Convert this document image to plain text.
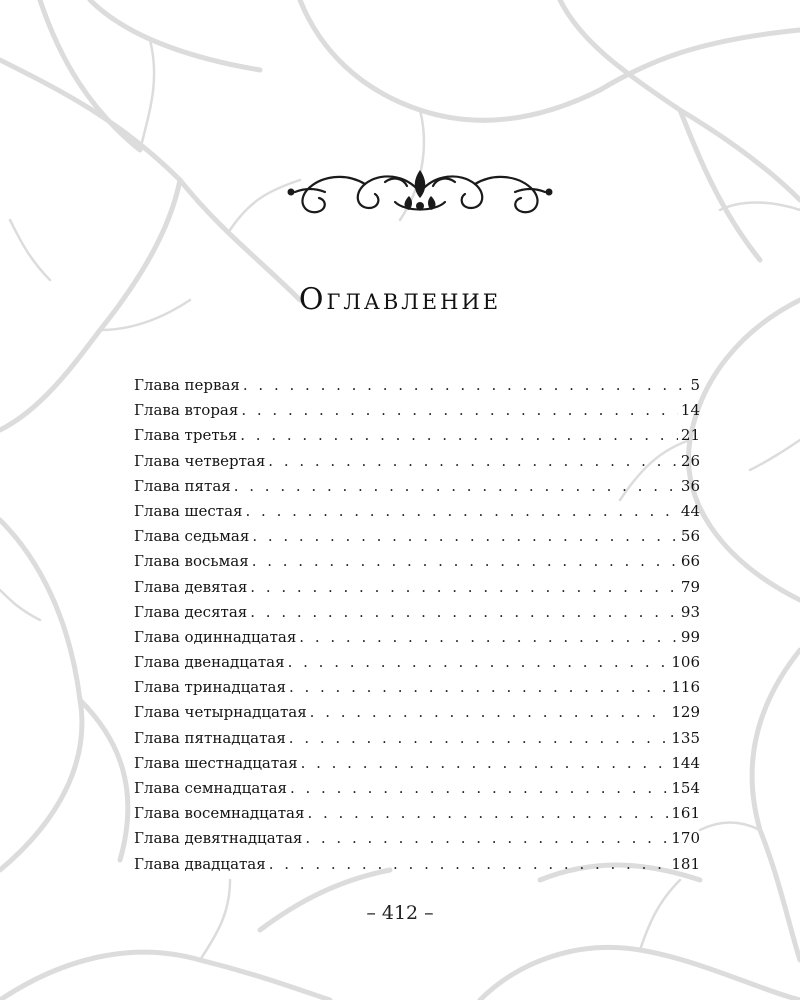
Оглавление
Глава первая . . .	5
Глава вторая . . .	14
Глава третья . . .	21
Глава четвертая . . .	26
Глава пятая . . .	36
Глава шестая . . .	44
Глава седьмая . . .	56
Глава восьмая . . .	66
Глава девятая . . .	79
Глава десятая . . .	93
Глава одиннадцатая . . .	99
Глава двенадцатая . . .	106
Глава тринадцатая . . .	116
Глава четырнадцатая . . .	129
Глава пятнадцатая . . .	135
Глава шестнадцатая . . .	144
Глава семнадцатая . . .	154
Глава восемнадцатая . . .	161
Глава девятнадцатая . . .	170
Глава двадцатая . . .	181
– 412 –
